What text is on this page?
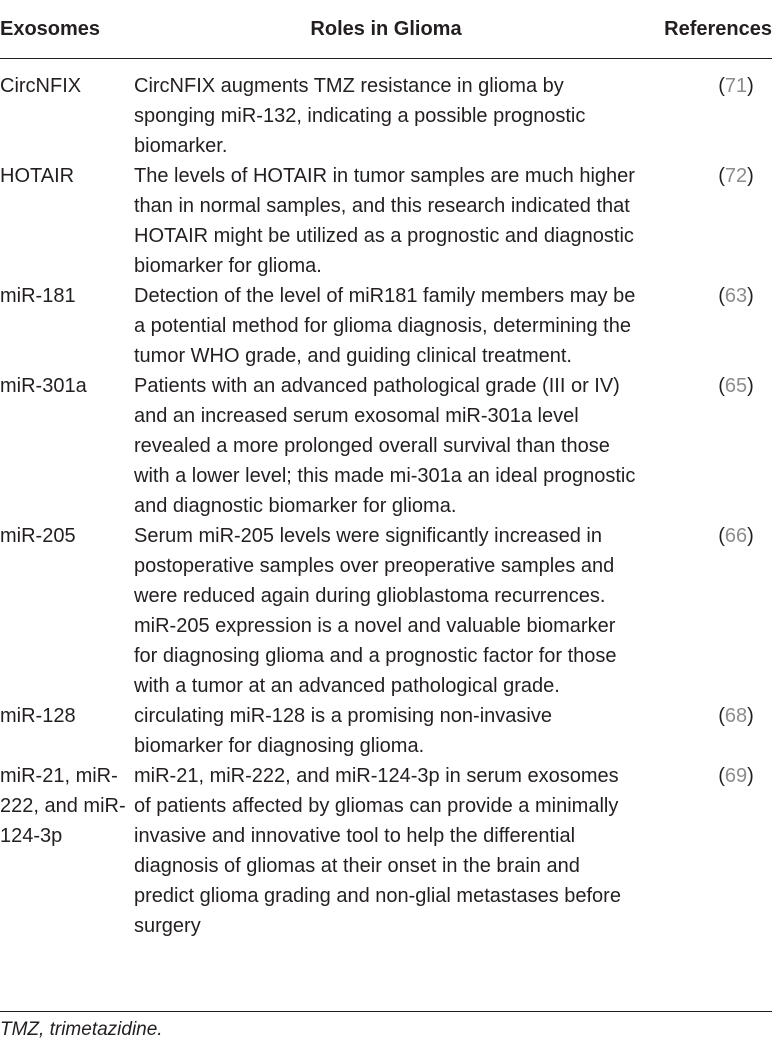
Exosomes	Roles in Glioma	References
CircNFIX	CircNFIX augments TMZ resistance in glioma by sponging miR-132, indicating a possible prognostic biomarker.	(71)
HOTAIR	The levels of HOTAIR in tumor samples are much higher than in normal samples, and this research indicated that HOTAIR might be utilized as a prognostic and diagnostic biomarker for glioma.	(72)
miR-181	Detection of the level of miR181 family members may be a potential method for glioma diagnosis, determining the tumor WHO grade, and guiding clinical treatment.	(63)
miR-301a	Patients with an advanced pathological grade (III or IV) and an increased serum exosomal miR-301a level revealed a more prolonged overall survival than those with a lower level; this made mi-301a an ideal prognostic and diagnostic biomarker for glioma.	(65)
miR-205	Serum miR-205 levels were significantly increased in postoperative samples over preoperative samples and were reduced again during glioblastoma recurrences. miR-205 expression is a novel and valuable biomarker for diagnosing glioma and a prognostic factor for those with a tumor at an advanced pathological grade.	(66)
miR-128	circulating miR-128 is a promising non-invasive biomarker for diagnosing glioma.	(68)
miR-21, miR-222, and miR-124-3p	miR-21, miR-222, and miR-124-3p in serum exosomes of patients affected by gliomas can provide a minimally invasive and innovative tool to help the differential diagnosis of gliomas at their onset in the brain and predict glioma grading and non-glial metastases before surgery	(69)
TMZ, trimetazidine.
